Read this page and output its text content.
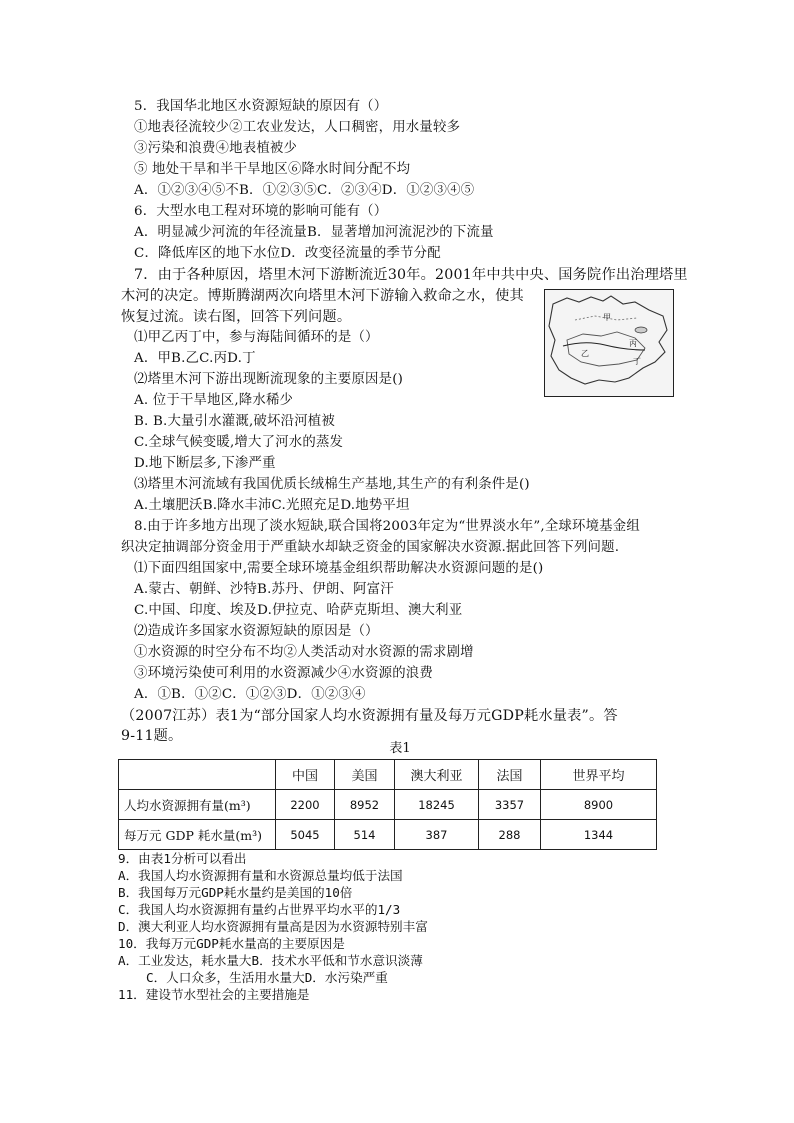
5．我国华北地区水资源短缺的原因有（）
①地表径流较少②工农业发达，人口稠密，用水量较多
③污染和浪费④地表植被少
⑤ 地处干旱和半干旱地区⑥降水时间分配不均
A．①②③④⑤不B．①②③⑤C．②③④D．①②③④⑤
6．大型水电工程对环境的影响可能有（）
A．明显减少河流的年径流量B．显著增加河流泥沙的下流量
C．降低库区的地下水位D．改变径流量的季节分配
7．由于各种原因，塔里木河下游断流近30年。2001年中共中央、国务院作出治理塔里
木河的决定。博斯腾湖两次向塔里木河下游输入救命之水，使其
恢复过流。读右图，回答下列问题。
⑴甲乙丙丁中，参与海陆间循环的是（）
A．甲B.乙C.丙D.丁
⑵塔里木河下游出现断流现象的主要原因是()
A. 位于干旱地区,降水稀少
B. B.大量引水灌溉,破坏沿河植被
C.全球气候变暖,增大了河水的蒸发
D.地下断层多,下渗严重
⑶塔里木河流域有我国优质长绒棉生产基地,其生产的有利条件是()
A.土壤肥沃B.降水丰沛C.光照充足D.地势平坦
8.由于许多地方出现了淡水短缺,联合国将2003年定为“世界淡水年”,全球环境基金组
织决定抽调部分资金用于严重缺水却缺乏资金的国家解决水资源.据此回答下列问题.
⑴下面四组国家中,需要全球环境基金组织帮助解决水资源问题的是()
A.蒙古、朝鲜、沙特B.苏丹、伊朗、阿富汗
C.中国、印度、埃及D.伊拉克、哈萨克斯坦、澳大利亚
⑵造成许多国家水资源短缺的原因是（）
①水资源的时空分布不均②人类活动对水资源的需求剧增
③环境污染使可利用的水资源减少④水资源的浪费
A．①B．①②C．①②③D．①②③④
（2007江苏）表1为“部分国家人均水资源拥有量及每万元GDP耗水量表”。答
9-11题。
甲
乙
丙
丁
表1
	中国	美国	澳大利亚	法国	世界平均
人均水资源拥有量(m³)	2200	8952	18245	3357	8900
每万元 GDP 耗水量(m³)	5045	514	387	288	1344
9．由表1分析可以看出
A．我国人均水资源拥有量和水资源总量均低于法国
B．我国每万元GDP耗水量约是美国的10倍
C．我国人均水资源拥有量约占世界平均水平的1/3
D．澳大利亚人均水资源拥有量高是因为水资源特别丰富
10．我每万元GDP耗水量高的主要原因是
A．工业发达，耗水量大B．技术水平低和节水意识淡薄
C．人口众多，生活用水量大D．水污染严重
11．建设节水型社会的主要措施是
